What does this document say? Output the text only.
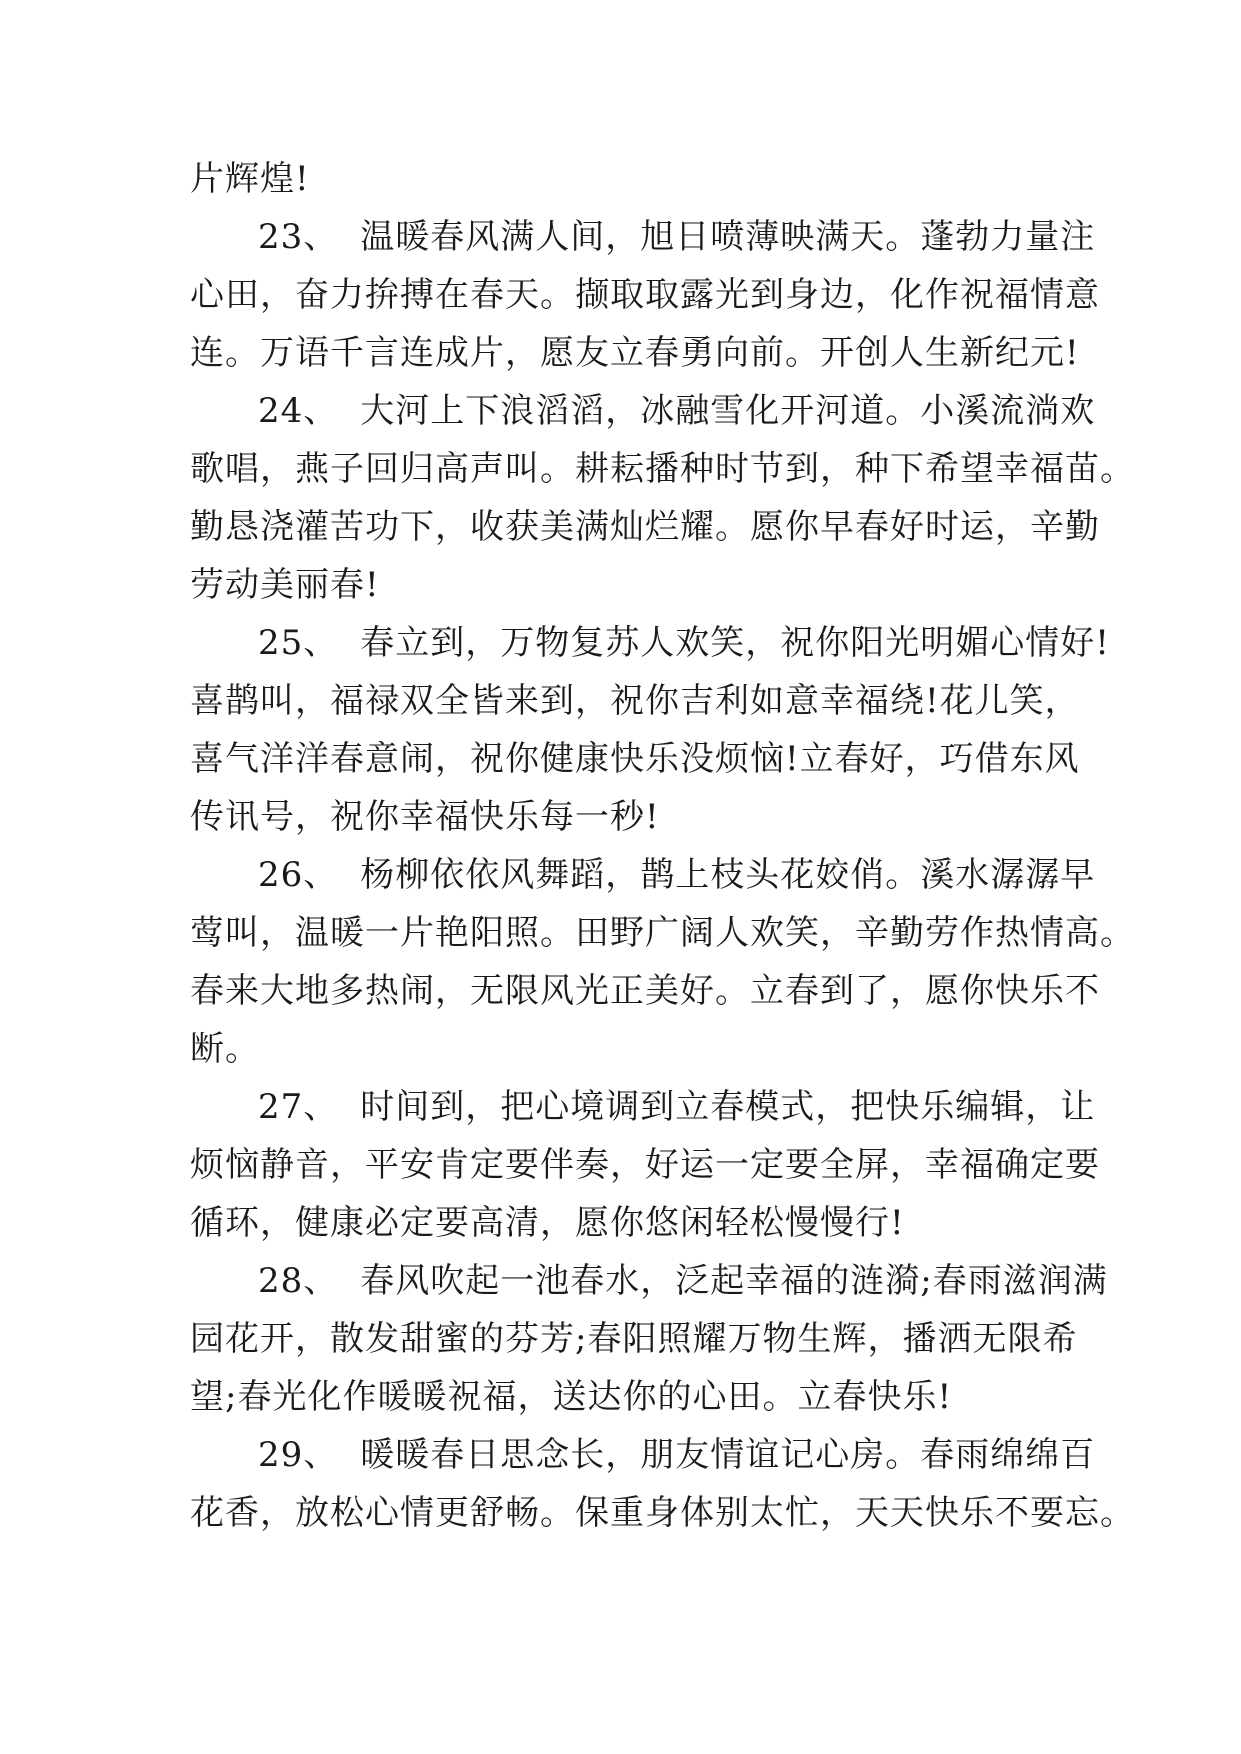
片辉煌!
23、 温暖春风满人间，旭日喷薄映满天。蓬勃力量注
心田，奋力拚搏在春天。撷取取露光到身边，化作祝福情意
连。万语千言连成片，愿友立春勇向前。开创人生新纪元!
24、 大河上下浪滔滔，冰融雪化开河道。小溪流淌欢
歌唱，燕子回归高声叫。耕耘播种时节到，种下希望幸福苗。
勤恳浇灌苦功下，收获美满灿烂耀。愿你早春好时运，辛勤
劳动美丽春!
25、 春立到，万物复苏人欢笑，祝你阳光明媚心情好!
喜鹊叫，福禄双全皆来到，祝你吉利如意幸福绕!花儿笑，
喜气洋洋春意闹，祝你健康快乐没烦恼!立春好，巧借东风
传讯号，祝你幸福快乐每一秒!
26、 杨柳依依风舞蹈，鹊上枝头花姣俏。溪水潺潺早
莺叫，温暖一片艳阳照。田野广阔人欢笑，辛勤劳作热情高。
春来大地多热闹，无限风光正美好。立春到了，愿你快乐不
断。
27、 时间到，把心境调到立春模式，把快乐编辑，让
烦恼静音，平安肯定要伴奏，好运一定要全屏，幸福确定要
循环，健康必定要高清，愿你悠闲轻松慢慢行!
28、 春风吹起一池春水，泛起幸福的涟漪;春雨滋润满
园花开，散发甜蜜的芬芳;春阳照耀万物生辉，播洒无限希
望;春光化作暖暖祝福，送达你的心田。立春快乐!
29、 暖暖春日思念长，朋友情谊记心房。春雨绵绵百
花香，放松心情更舒畅。保重身体别太忙，天天快乐不要忘。
